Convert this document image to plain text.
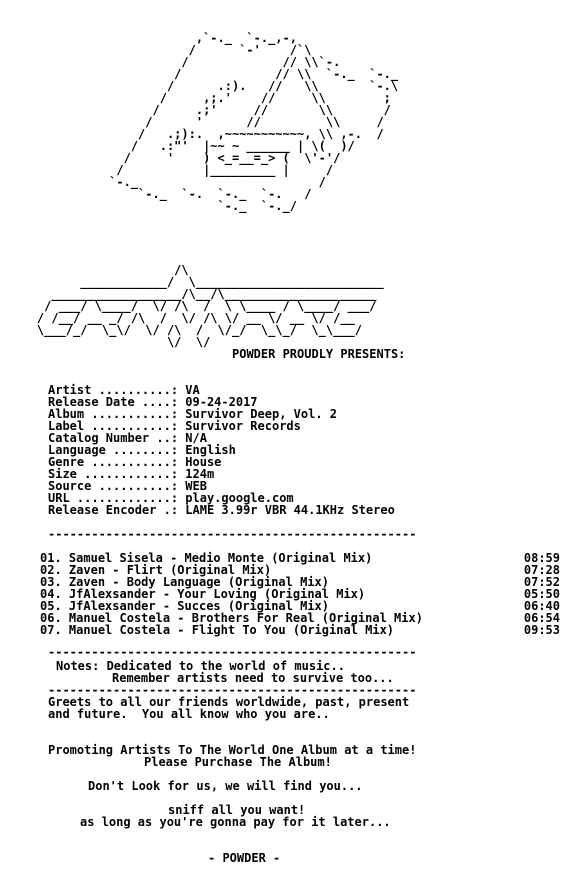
,`-._  `-._,-,
/      `-'    /`\
/             // \\`-.
/             // \\  `-._  `-._
/      .:).   //   \\       `-.\
/     ,;.'    //     \\        ;
/     .;'     //       \\       /
/      '      //         \\     /
/   .;):.  ,~~~~~~~~~~~, \\ ,-.  /
/   .:"'  |~~ ~ ______ | \(  )/
/     '    ) <_=__=_> (  \'-'/
/           |_________ |     /
`-._                         /
`-._  `-.  `-._  `-.   /
`-._  `-._/
/\
____________/  \__________________________
__________________/\__/\_____________________
/ ___/ \____/  \/ /\  /  \ \____ / \____/ ___/
/ /__/ __ _/ /\  /  \/ /\ \/ __ \/ __ \/ /__
\___/_/  \_\/  \/ /\  /  \/_/  \_\_/  \_\___/
\/  \/
POWDER PROUDLY PRESENTS:
Artist ..........: VA
Release Date ....: 09-24-2017
Album ...........: Survivor Deep, Vol. 2
Label ...........: Survivor Records
Catalog Number ..: N/A
Language ........: English
Genre ...........: House
Size ............: 124m
Source ..........: WEB
URL .............: play.google.com
Release Encoder .: LAME 3.99r VBR 44.1KHz Stereo
---------------------------------------------------
01. Samuel Sisela - Medio Monte (Original Mix)	08:59
02. Zaven - Flirt (Original Mix)	07:28
03. Zaven - Body Language (Original Mix)	07:52
04. JfAlexsander - Your Loving (Original Mix)	05:50
05. JfAlexsander - Succes (Original Mix)	06:40
06. Manuel Costela - Brothers For Real (Original Mix)	06:54
07. Manuel Costela - Flight To You (Original Mix)	09:53
---------------------------------------------------
Notes: Dedicated to the world of music..
Remember artists need to survive too...
---------------------------------------------------
Greets to all our friends worldwide, past, present
and future.  You all know who you are..
Promoting Artists To The World One Album at a time!
Please Purchase The Album!
Don't Look for us, we will find you...
sniff all you want!
as long as you're gonna pay for it later...
- POWDER -
